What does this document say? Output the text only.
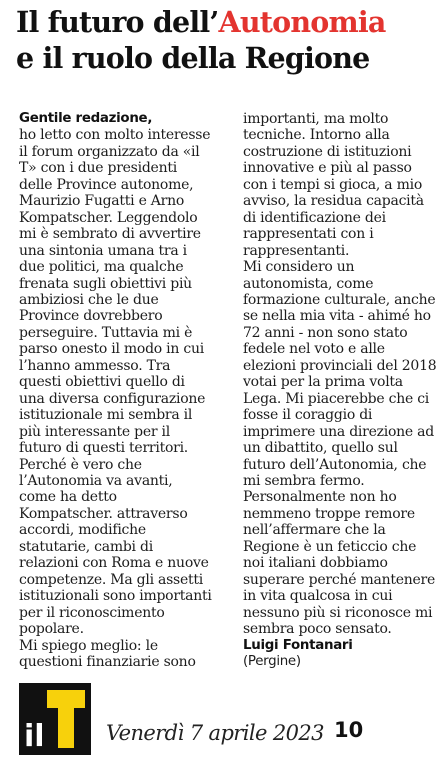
Il futuro dell’Autonomia
e il ruolo della Regione
Gentile redazione,
ho letto con molto interesse
il forum organizzato da «il
T» con i due presidenti
delle Province autonome,
Maurizio Fugatti e Arno
Kompatscher. Leggendolo
mi è sembrato di avvertire
una sintonia umana tra i
due politici, ma qualche
frenata sugli obiettivi più
ambiziosi che le due
Province dovrebbero
perseguire. Tuttavia mi è
parso onesto il modo in cui
l’hanno ammesso. Tra
questi obiettivi quello di
una diversa configurazione
istituzionale mi sembra il
più interessante per il
futuro di questi territori.
Perché è vero che
l’Autonomia va avanti,
come ha detto
Kompatscher. attraverso
accordi, modifiche
statutarie, cambi di
relazioni con Roma e nuove
competenze. Ma gli assetti
istituzionali sono importanti
per il riconoscimento
popolare.
Mi spiego meglio: le
questioni finanziarie sono
importanti, ma molto
tecniche. Intorno alla
costruzione di istituzioni
innovative e più al passo
con i tempi si gioca, a mio
avviso, la residua capacità
di identificazione dei
rappresentati con i
rappresentanti.
Mi considero un
autonomista, come
formazione culturale, anche
se nella mia vita - ahimé ho
72 anni - non sono stato
fedele nel voto e alle
elezioni provinciali del 2018
votai per la prima volta
Lega. Mi piacerebbe che ci
fosse il coraggio di
imprimere una direzione ad
un dibattito, quello sul
futuro dell’Autonomia, che
mi sembra fermo.
Personalmente non ho
nemmeno troppe remore
nell’affermare che la
Regione è un feticcio che
noi italiani dobbiamo
superare perché mantenere
in vita qualcosa in cui
nessuno più si riconosce mi
sembra poco sensato.
Luigi Fontanari
(Pergine)
il	Venerdì 7 aprile 2023 10
